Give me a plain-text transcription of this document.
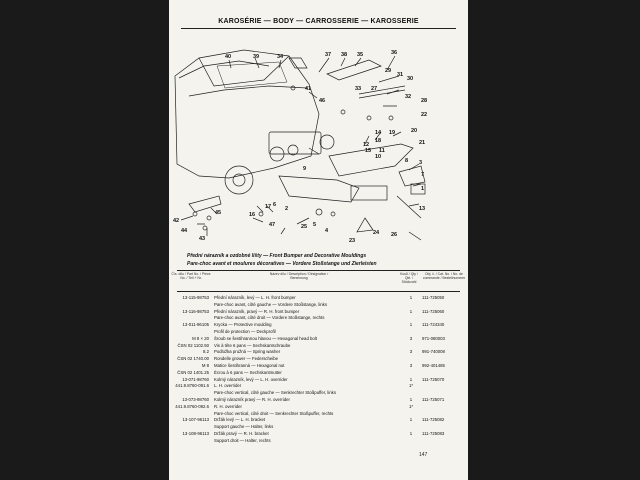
KAROSÉRIE — BODY — CARROSSERIE — KAROSSERIE
40	39	34	37 38 35	36
41
29
31
30
46
33 27
32
28
22
12
18
20
14 19
21
13
10
15 11
3
8
7
9
1
17
16
2
6
24
25 5
23
26
4
45
42
44
43
47
Přední nárazník a ozdobné lišty — Front Bumper and Decorative Mouldings
Pare-choc avant et moulures décoratives — Vordere Stoßstange und Zierleisten
Čís. dílu / Part No. / Pièce No. / Teil + Nr.
Název dílu / Description / Désignation / Benennung
Kusů / Qty / Qté. / Stückzahl
Obj. č. / Cat. No. / No. de commande / Bestellnummer
13-115-98753 Přední nárazník, levý — L. H. front bumper	1	111-725050
Pare-choc avant, côté gauche — Vordere Stoßstange, links
13-116-98753 Přední nárazník, pravý — R. H. front bumper	1	111-725060
Pare-choc avant, côté droit — Vordere Stoßstange, rechts
13-011-96105 Krycka — Protective moulding	1	111-724340
Profil de protection — Deckprofil
M 8 × 20 Šroub se šestihrannou hlavou — Hexagonal head bolt	3	971-080003
ČSN 02 1102.50 Vis à tête 6 pans — Sechskantschraube
8.2 Podložka pružná — Spring washer	3	991-740008
ČSN 02 1740.00 Rondelle grower — Federscheibe
M 8 Matice šestihranná — Hexagonal nut	3	992-401485
ČSN 02 1401.25 Écrou à 6 pans — Sechskantmutter
13-071-98760 Kolmý nárazník, levý — L. H. overrider	1	111-725070
441.9.8760-091.6 L. H. overrider	1*
Pare-choc vertical, côté gauche — Senkrechter Stoßpuffer, links
13-073-98760 Kolmý nárazník pravý — R. H. overrider	1	111-725071
441.9.8760-092.6 R. H. overrider	1*
Pare-choc vertical, côté droit — Senkrechter Stoßpuffer, rechts
13-107-96113 Držák levý — L. H. bracket	1	111-725082
Support gauche — Halter, links
13-108-96113 Držák pravý — R. H. bracket	1	111-725083
Support droit — Halter, rechts
147
